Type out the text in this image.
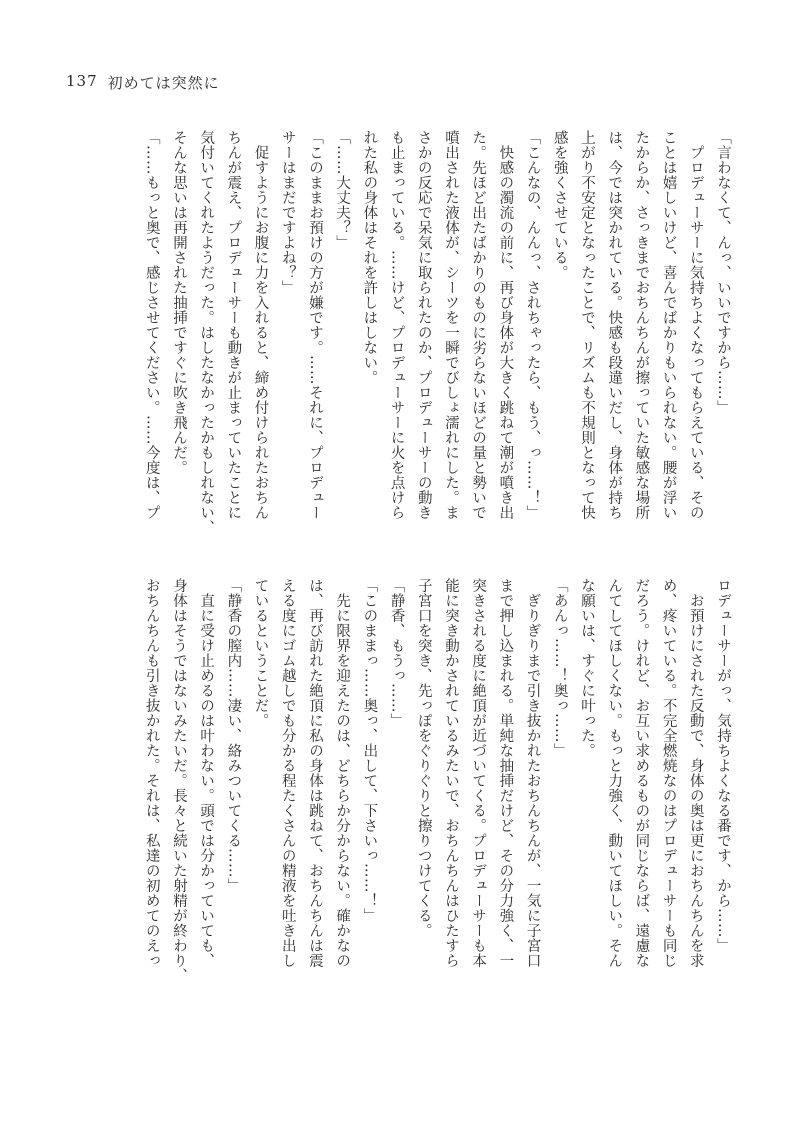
137 初めては突然に
「言わなくて、んっ、いいですから……」
　プロデューサーに気持ちよくなってもらえている、その
ことは嬉しいけど、喜んでばかりもいられない。腰が浮い
たからか、さっきまでおちんちんが擦っていた敏感な場所
は、今では突かれている。快感も段違いだし、身体が持ち
上がり不安定となったことで、リズムも不規則となって快
感を強くさせている。
「こんなの、んんっ、されちゃったら、もう、っ……！」
　快感の濁流の前に、再び身体が大きく跳ねて潮が噴き出
た。先ほど出たばかりのものに劣らないほどの量と勢いで
噴出された液体が、シーツを一瞬でびしょ濡れにした。ま
さかの反応で呆気に取られたのか、プロデューサーの動き
も止まっている。……けど、プロデューサーに火を点けら
れた私の身体はそれを許しはしない。
「……大丈夫？」
「このままお預けの方が嫌です。……それに、プロデュー
サーはまだですよね？」
　促すようにお腹に力を入れると、締め付けられたおちん
ちんが震え、プロデューサーも動きが止まっていたことに
気付いてくれたようだった。はしたなかったかもしれない、
そんな思いは再開された抽挿ですぐに吹き飛んだ。
「……もっと奥で、感じさせてください。……今度は、プ
ロデューサーがっ、気持ちよくなる番です、から……」
　お預けにされた反動で、身体の奥は更におちんちんを求
め、疼いている。不完全燃焼なのはプロデューサーも同じ
だろう。けれど、お互い求めるものが同じならば、遠慮な
んてしてほしくない。もっと力強く、動いてほしい。そん
な願いは、すぐに叶った。
「あんっ……！奥っ……」
　ぎりぎりまで引き抜かれたおちんちんが、一気に子宮口
まで押し込まれる。単純な抽挿だけど、その分力強く、一
突きされる度に絶頂が近づいてくる。プロデューサーも本
能に突き動かされているみたいで、おちんちんはひたすら
子宮口を突き、先っぽをぐりぐりと擦りつけてくる。
「静香、もうっ……」
「このままっ……奥っ、出して、下さいっ……！」
　先に限界を迎えたのは、どちらか分からない。確かなの
は、再び訪れた絶頂に私の身体は跳ねて、おちんちんは震
える度にゴム越しでも分かる程たくさんの精液を吐き出し
ているということだ。
「静香の膣内……凄い、絡みついてくる……」
　直に受け止めるのは叶わない。頭では分かっていても、
身体はそうではないみたいだ。長々と続いた射精が終わり、
おちんちんも引き抜かれた。それは、私達の初めてのえっ
